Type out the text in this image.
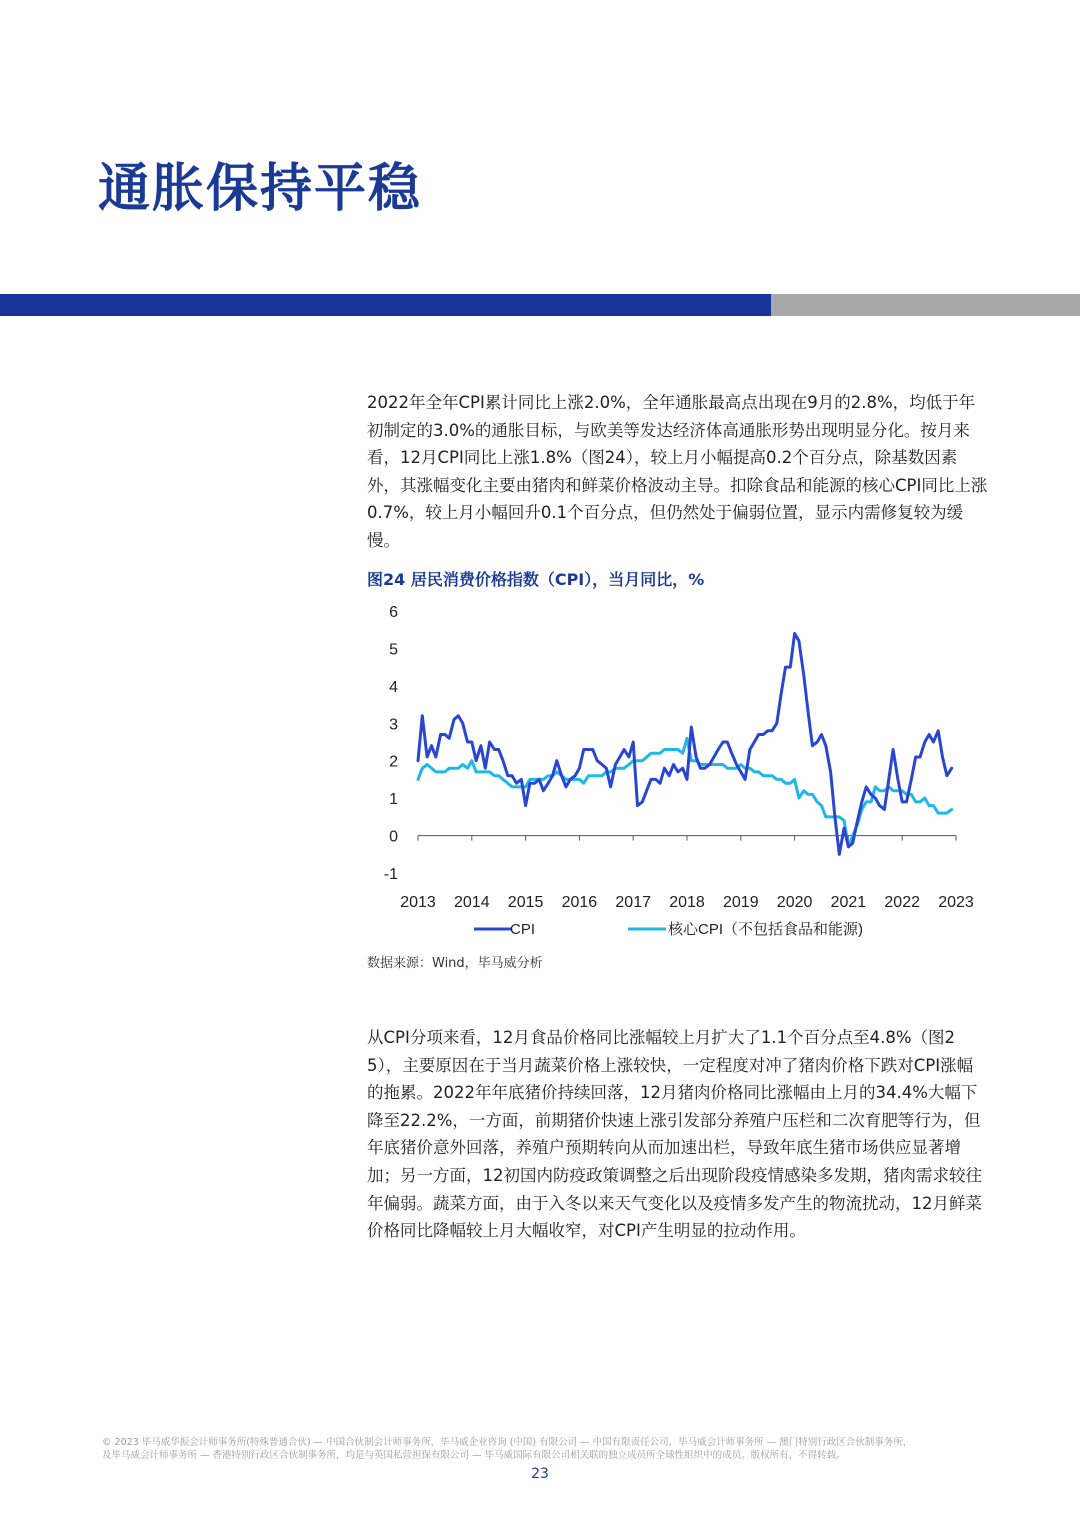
通胀保持平稳

2022年全年CPI累计同比上涨2.0%，全年通胀最高点出现在9月的2.8%，均低于年初制定的3.0%的通胀目标，与欧美等发达经济体高通胀形势出现明显分化。按月来看，12月CPI同比上涨1.8%（图24），较上月小幅提高0.2个百分点，除基数因素外，其涨幅变化主要由猪肉和鲜菜价格波动主导。扣除食品和能源的核心CPI同比上涨0.7%，较上月小幅回升0.1个百分点，但仍然处于偏弱位置，显示内需修复较为缓慢。

图24 居民消费价格指数（CPI），当月同比，%

-1
0
1
2
3
4
5
6
2013 2014 2015 2016 2017 2018 2019 2020 2021 2022 2023
CPI	核心CPI（不包括食品和能源)

数据来源：Wind，毕马威分析

从CPI分项来看，12月食品价格同比涨幅较上月扩大了1.1个百分点至4.8%（图25），主要原因在于当月蔬菜价格上涨较快，一定程度对冲了猪肉价格下跌对CPI涨幅的拖累。2022年年底猪价持续回落，12月猪肉价格同比涨幅由上月的34.4%大幅下降至22.2%，一方面，前期猪价快速上涨引发部分养殖户压栏和二次育肥等行为，但年底猪价意外回落，养殖户预期转向从而加速出栏，导致年底生猪市场供应显著增加；另一方面，12初国内防疫政策调整之后出现阶段疫情感染多发期，猪肉需求较往年偏弱。蔬菜方面，由于入冬以来天气变化以及疫情多发产生的物流扰动，12月鲜菜价格同比降幅较上月大幅收窄，对CPI产生明显的拉动作用。

© 2023 毕马威华振会计师事务所(特殊普通合伙) — 中国合伙制会计师事务所，毕马威企业咨询 (中国) 有限公司 — 中国有限责任公司，毕马威会计师事务所 — 澳门特别行政区合伙制事务所，
及毕马威会计师事务所 — 香港特别行政区合伙制事务所，均是与英国私营担保有限公司 — 毕马威国际有限公司相关联的独立成员所全球性组织中的成员。版权所有，不得转载。
23
